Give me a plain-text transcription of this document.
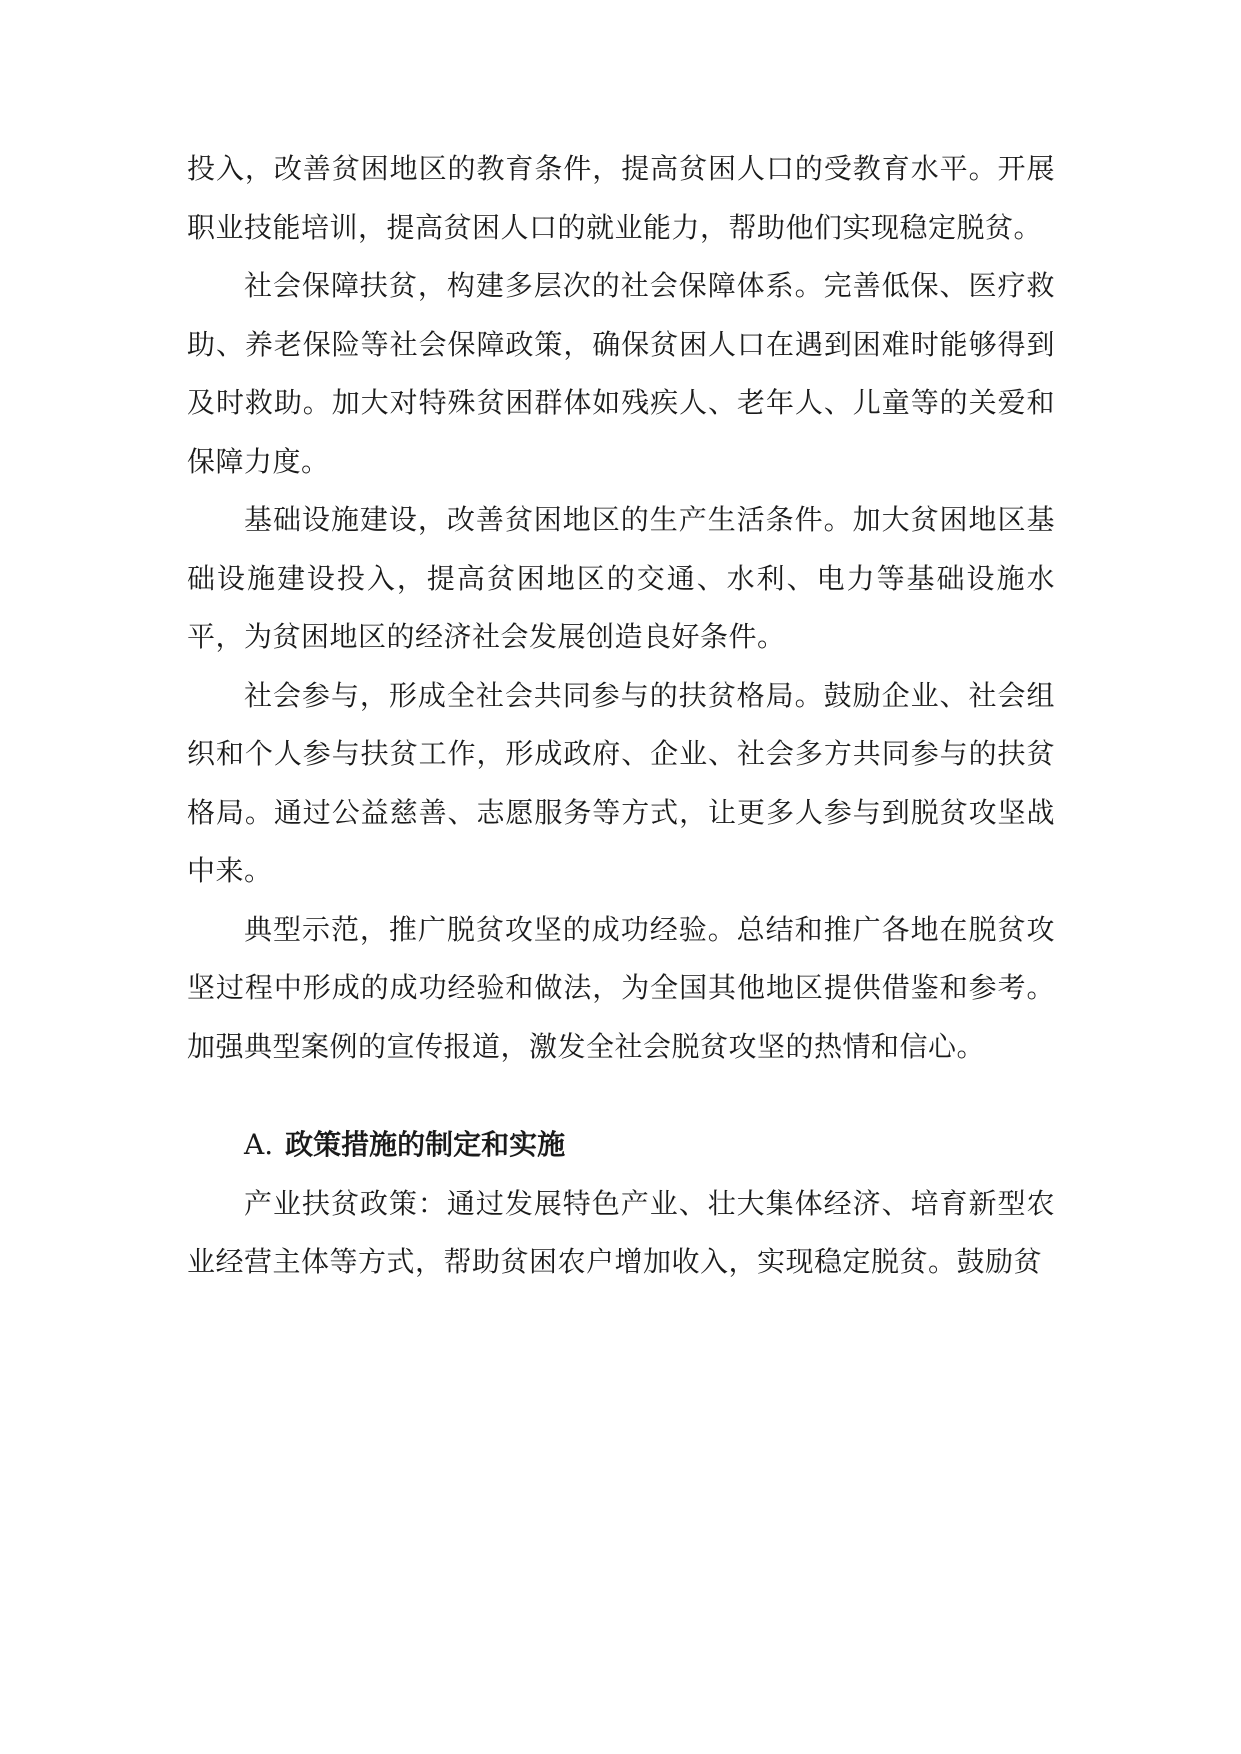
投入，改善贫困地区的教育条件，提高贫困人口的受教育水平。开展职业技能培训，提高贫困人口的就业能力，帮助他们实现稳定脱贫。

社会保障扶贫，构建多层次的社会保障体系。完善低保、医疗救助、养老保险等社会保障政策，确保贫困人口在遇到困难时能够得到及时救助。加大对特殊贫困群体如残疾人、老年人、儿童等的关爱和保障力度。

基础设施建设，改善贫困地区的生产生活条件。加大贫困地区基础设施建设投入，提高贫困地区的交通、水利、电力等基础设施水平，为贫困地区的经济社会发展创造良好条件。

社会参与，形成全社会共同参与的扶贫格局。鼓励企业、社会组织和个人参与扶贫工作，形成政府、企业、社会多方共同参与的扶贫格局。通过公益慈善、志愿服务等方式，让更多人参与到脱贫攻坚战中来。

典型示范，推广脱贫攻坚的成功经验。总结和推广各地在脱贫攻坚过程中形成的成功经验和做法，为全国其他地区提供借鉴和参考。加强典型案例的宣传报道，激发全社会脱贫攻坚的热情和信心。

A. 政策措施的制定和实施

产业扶贫政策：通过发展特色产业、壮大集体经济、培育新型农业经营主体等方式，帮助贫困农户增加收入，实现稳定脱贫。鼓励贫
